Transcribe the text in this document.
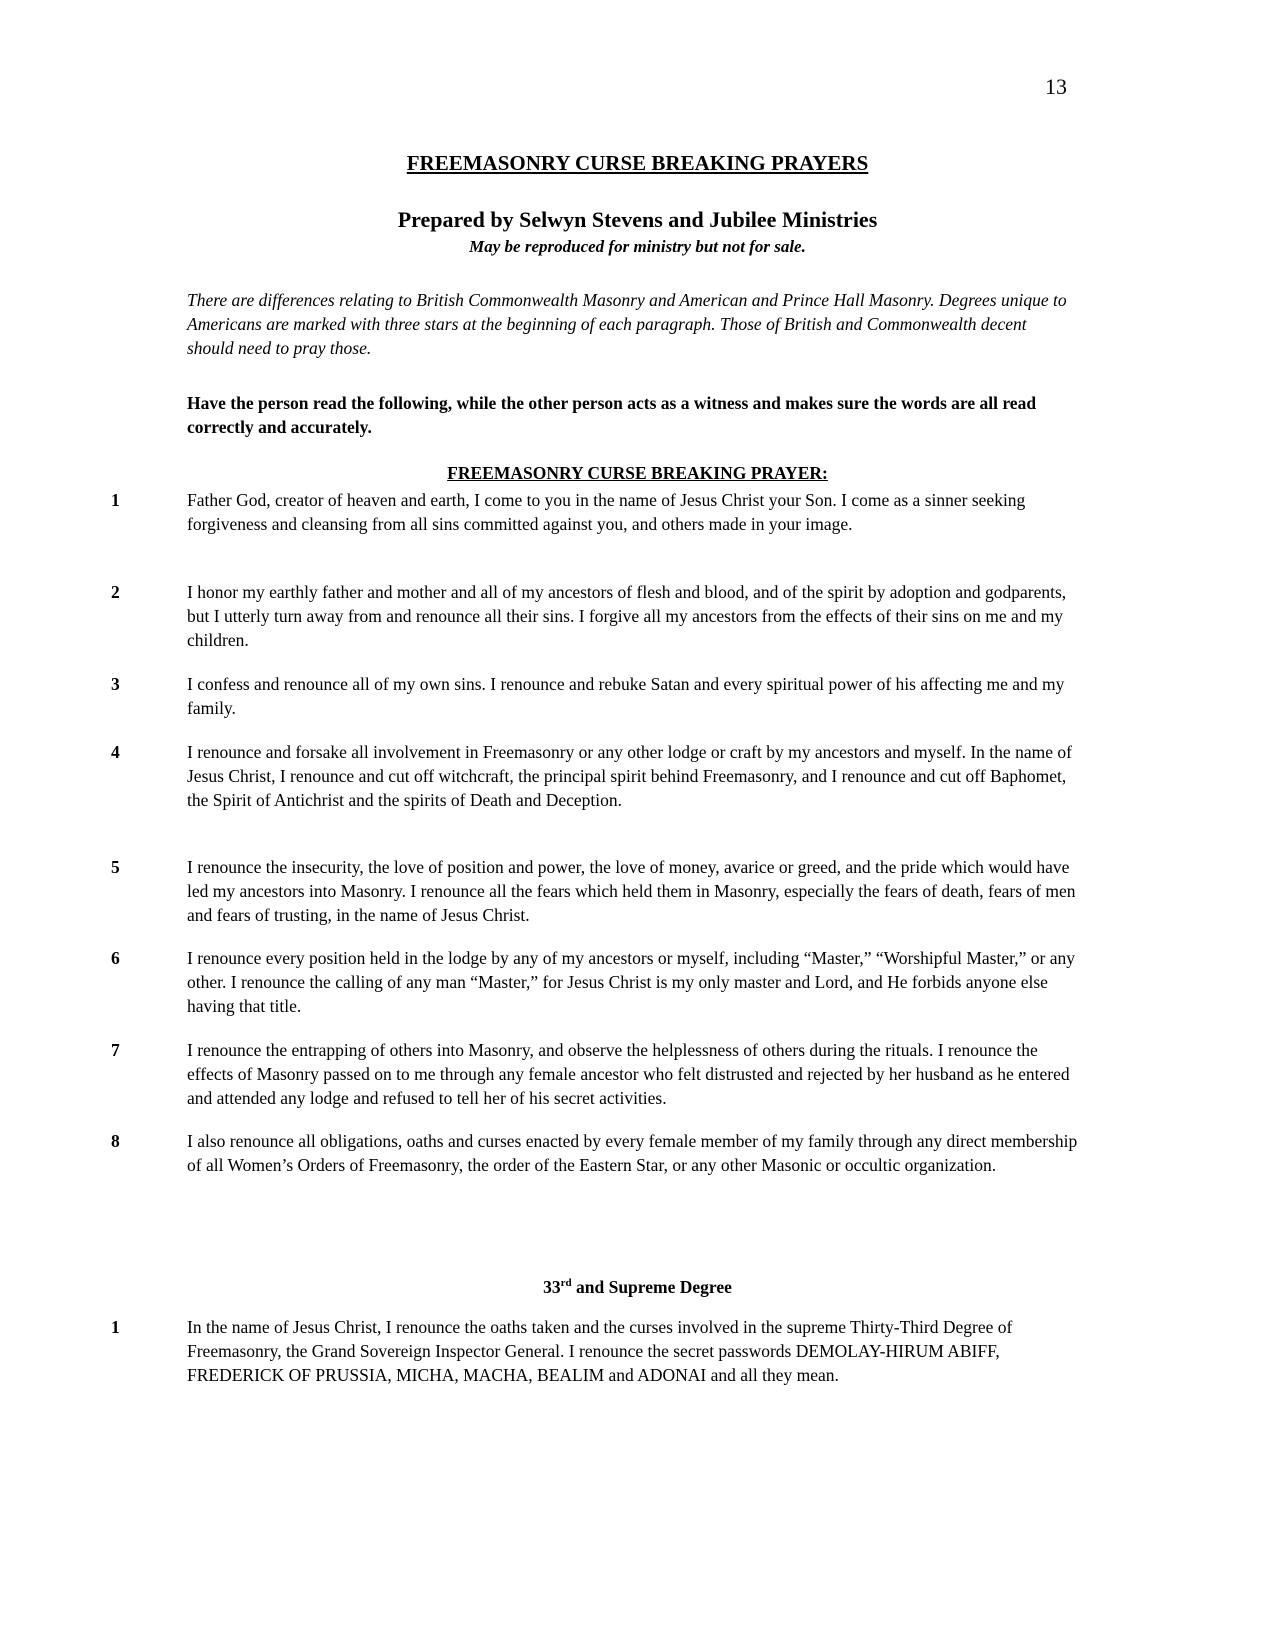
13
FREEMASONRY CURSE BREAKING PRAYERS
Prepared by Selwyn Stevens and Jubilee Ministries
May be reproduced for ministry but not for sale.
There are differences relating to British Commonwealth Masonry and American and Prince Hall Masonry. Degrees unique to Americans are marked with three stars at the beginning of each paragraph. Those of British and Commonwealth decent should need to pray those.
Have the person read the following, while the other person acts as a witness and makes sure the words are all read correctly and accurately.
FREEMASONRY CURSE BREAKING PRAYER:
1	Father God, creator of heaven and earth, I come to you in the name of Jesus Christ your Son. I come as a sinner seeking forgiveness and cleansing from all sins committed against you, and others made in your image.
2	I honor my earthly father and mother and all of my ancestors of flesh and blood, and of the spirit by adoption and godparents, but I utterly turn away from and renounce all their sins. I forgive all my ancestors from the effects of their sins on me and my children.
3	I confess and renounce all of my own sins. I renounce and rebuke Satan and every spiritual power of his affecting me and my family.
4	I renounce and forsake all involvement in Freemasonry or any other lodge or craft by my ancestors and myself. In the name of Jesus Christ, I renounce and cut off witchcraft, the principal spirit behind Freemasonry, and I renounce and cut off Baphomet, the Spirit of Antichrist and the spirits of Death and Deception.
5	I renounce the insecurity, the love of position and power, the love of money, avarice or greed, and the pride which would have led my ancestors into Masonry. I renounce all the fears which held them in Masonry, especially the fears of death, fears of men and fears of trusting, in the name of Jesus Christ.
6	I renounce every position held in the lodge by any of my ancestors or myself, including “Master,” “Worshipful Master,” or any other. I renounce the calling of any man “Master,” for Jesus Christ is my only master and Lord, and He forbids anyone else having that title.
7	I renounce the entrapping of others into Masonry, and observe the helplessness of others during the rituals. I renounce the effects of Masonry passed on to me through any female ancestor who felt distrusted and rejected by her husband as he entered and attended any lodge and refused to tell her of his secret activities.
8	I also renounce all obligations, oaths and curses enacted by every female member of my family through any direct membership of all Women’s Orders of Freemasonry, the order of the Eastern Star, or any other Masonic or occultic organization.
33rd and Supreme Degree
1	In the name of Jesus Christ, I renounce the oaths taken and the curses involved in the supreme Thirty-Third Degree of Freemasonry, the Grand Sovereign Inspector General. I renounce the secret passwords DEMOLAY-HIRUM ABIFF, FREDERICK OF PRUSSIA, MICHA, MACHA, BEALIM and ADONAI and all they mean.
